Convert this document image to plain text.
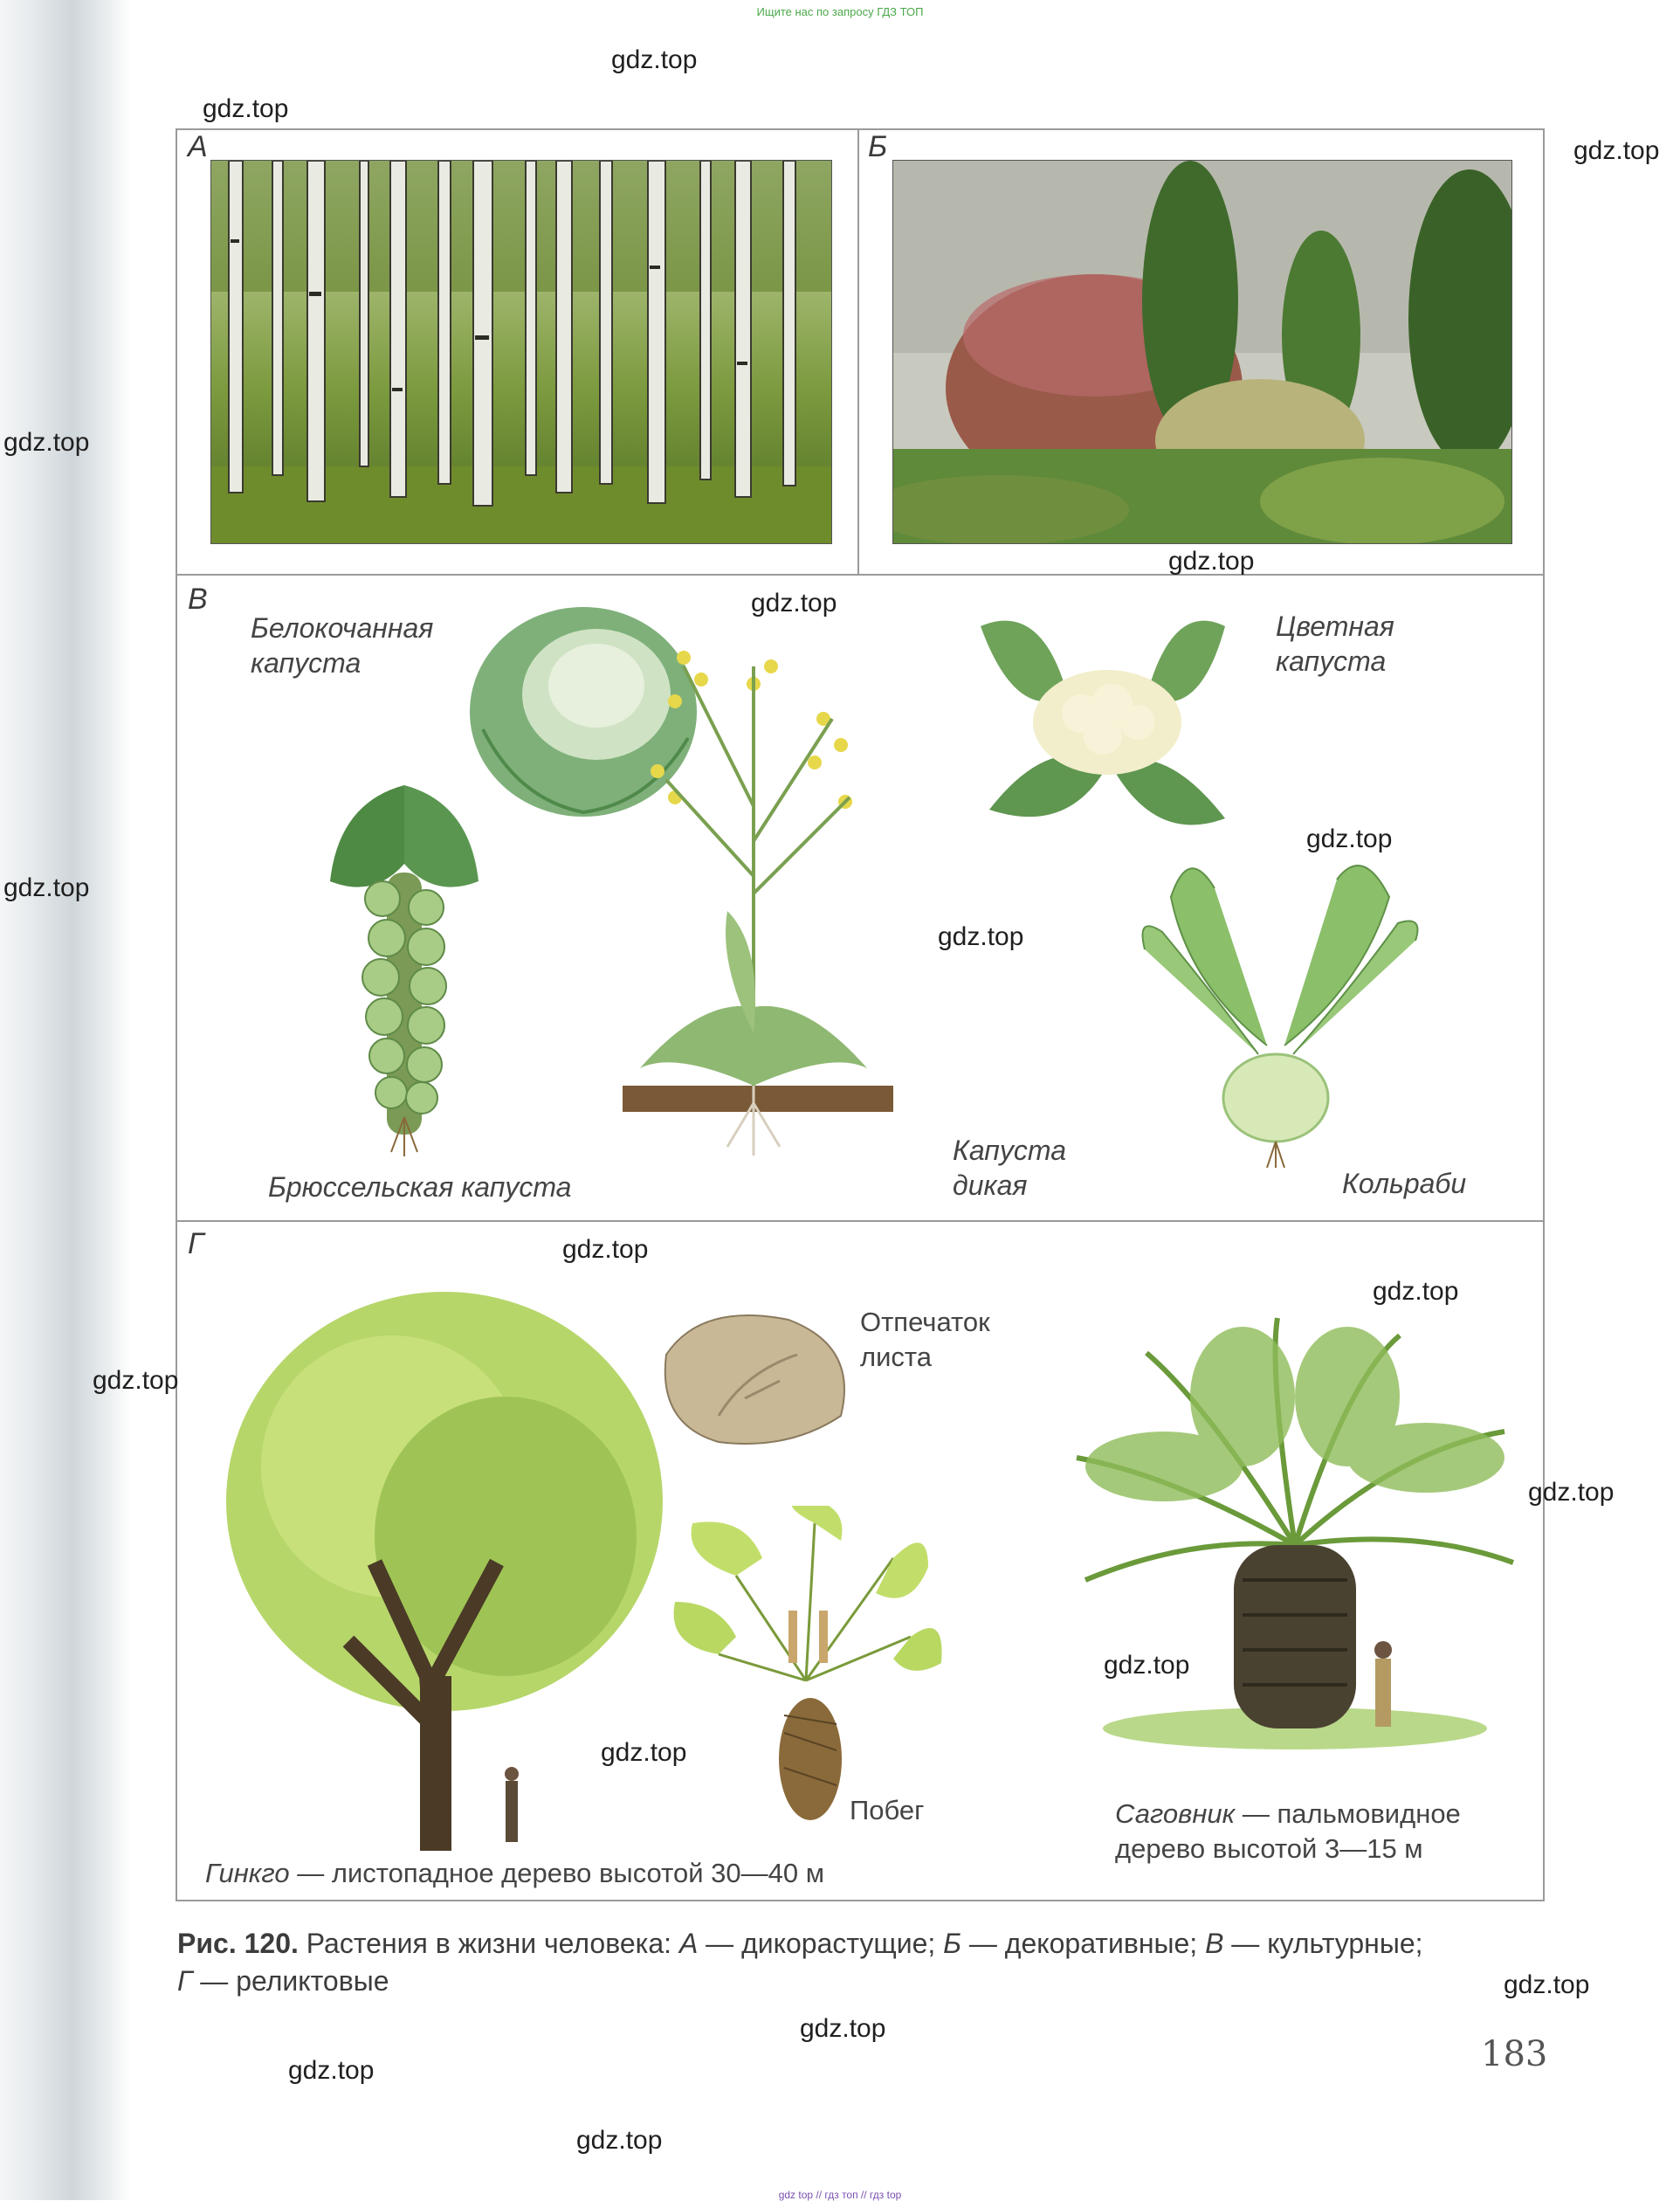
Ищите нас по запросу ГДЗ ТОП
А	Б
В
Белокочанная капуста
Цветная капуста
Брюссельская капуста
Капуста дикая	Кольраби
Г
Отпечаток листа
Побег
Гинкго — листопадное дерево высотой 30—40 м
Саговник — пальмовидное
дерево высотой 3—15 м
Рис. 120. Растения в жизни человека: А — дикорастущие; Б — декоративные; В — культурные;
Г — реликтовые
183
gdz.top
gdz.top
gdz.top
gdz.top
gdz.top
gdz.top
gdz.top
gdz.top
gdz.top
gdz.top
gdz.top
gdz.top
gdz.top
gdz.top
gdz.top
gdz.top
gdz.top
gdz.top
gdz.top
gdz top // гдз топ // гдз top
